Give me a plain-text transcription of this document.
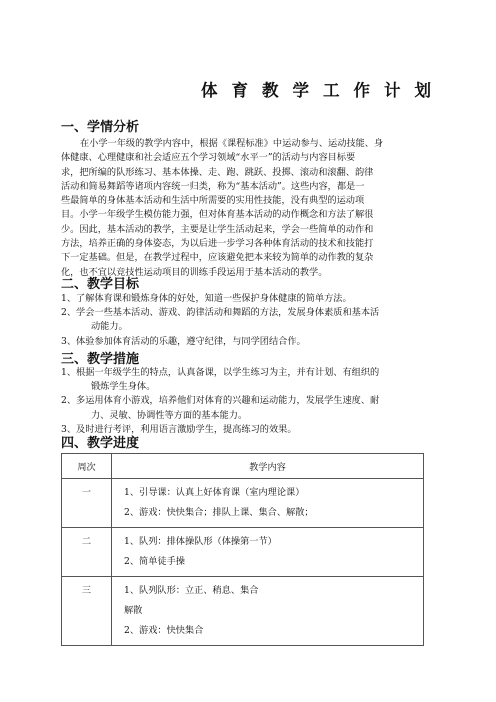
体育教学工作计划
一、学情分析

在小学一年级的教学内容中，根据《课程标准》中运动参与、运动技能、身
体健康、心理健康和社会适应五个学习领域“水平一”的活动与内容目标要
求，把所编的队形练习、基本体操、走、跑、跳跃、投掷、滚动和滚翻、韵律
活动和简易舞蹈等诸项内容统一归类，称为“基本活动”。这些内容，都是一
些最简单的身体基本活动和生活中所需要的实用性技能，没有典型的运动项
目。小学一年级学生模仿能力强，但对体育基本活动的动作概念和方法了解很
少。因此，基本活动的教学，主要是让学生活动起来，学会一些简单的动作和
方法，培养正确的身体姿态，为以后进一步学习各种体育活动的技术和技能打
下一定基础。但是，在教学过程中，应该避免把本来较为简单的动作教的复杂
化，也不宜以竞技性运动项目的训练手段运用于基本活动的教学。

二、教学目标

1、了解体育课和锻炼身体的好处，知道一些保护身体健康的简单方法。
2、学会一些基本活动、游戏、韵律活动和舞蹈的方法，发展身体素质和基本活
动能力。
3、体验参加体育活动的乐趣，遵守纪律，与同学团结合作。

三、教学措施

1、根据一年级学生的特点，认真备课，以学生练习为主，并有计划、有组织的
锻炼学生身体。
2、多运用体育小游戏，培养他们对体育的兴趣和运动能力，发展学生速度、耐
力、灵敏、协调性等方面的基本能力。
3、及时进行考评，利用语言激励学生，提高练习的效果。

四、教学进度
周次	教学内容
一	1、引导课：认真上好体育课（室内理论课）
2、游戏：快快集合；排队上课、集合、解散；

二	1、队列：排体操队形（体操第一节）
2、简单徒手操

三	1、队列队形：立正、稍息、集合
解散
2、游戏：快快集合
